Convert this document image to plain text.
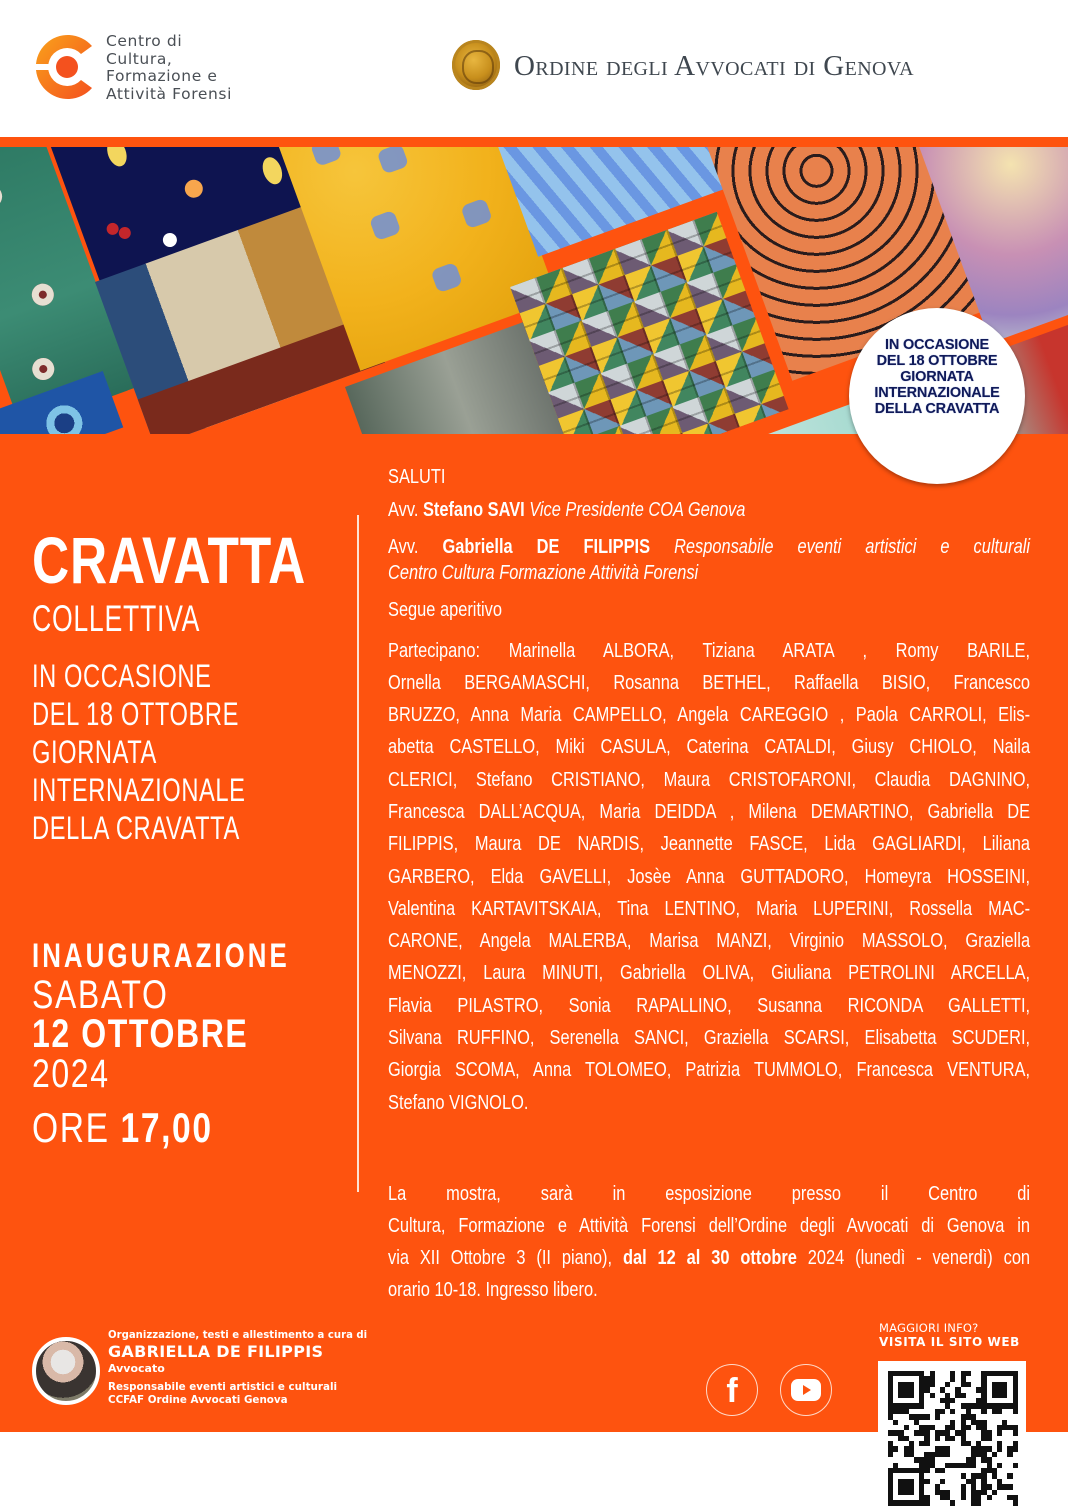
Centro di
Cultura,
Formazione e
Attività Forensi
Ordine degli Avvocati di Genova
IN OCCASIONE
DEL 18 OTTOBRE
GIORNATA
INTERNAZIONALE
DELLA CRAVATTA
CRAVATTA
COLLETTIVA
IN OCCASIONE
DEL 18 OTTOBRE
GIORNATA
INTERNAZIONALE
DELLA CRAVATTA
INAUGURAZIONE
SABATO
12 OTTOBRE
2024
ORE 17,00
SALUTI
Avv. Stefano SAVI Vice Presidente COA Genova
Avv. Gabriella DE FILIPPIS Responsabile eventi artistici e culturali
Centro Cultura Formazione Attività Forensi
Segue aperitivo
Partecipano: Marinella ALBORA, Tiziana ARATA , Romy BARILE,
Ornella BERGAMASCHI, Rosanna BETHEL, Raffaella BISIO, Francesco
BRUZZO, Anna Maria CAMPELLO, Angela CAREGGIO , Paola CARROLI, Elis-
abetta CASTELLO, Miki CASULA, Caterina CATALDI, Giusy CHIOLO, Naila
CLERICI, Stefano CRISTIANO, Maura CRISTOFARONI, Claudia DAGNINO,
Francesca DALL’ACQUA, Maria DEIDDA , Milena DEMARTINO, Gabriella DE
FILIPPIS, Maura DE NARDIS, Jeannette FASCE, Lida GAGLIARDI, Liliana
GARBERO, Elda GAVELLI, Josèe Anna GUTTADORO, Homeyra HOSSEINI,
Valentina KARTAVITSKAIA, Tina LENTINO, Maria LUPERINI, Rossella MAC-
CARONE, Angela MALERBA, Marisa MANZI, Virginio MASSOLO, Graziella
MENOZZI, Laura MINUTI, Gabriella OLIVA, Giuliana PETROLINI ARCELLA,
Flavia PILASTRO, Sonia RAPALLINO, Susanna RICONDA GALLETTI,
Silvana RUFFINO, Serenella SANCI, Graziella SCARSI, Elisabetta SCUDERI,
Giorgia SCOMA, Anna TOLOMEO, Patrizia TUMMOLO, Francesca VENTURA,
Stefano VIGNOLO.
La mostra, sarà in esposizione presso il Centro di
Cultura, Formazione e Attività Forensi dell’Ordine degli Avvocati di Genova in
via XII Ottobre 3 (II piano), dal 12 al 30 ottobre 2024 (lunedì - venerdì) con
orario 10-18. Ingresso libero.
Organizzazione, testi e allestimento a cura di
GABRIELLA DE FILIPPIS
Avvocato
Responsabile eventi artistici e culturali
CCFAF Ordine Avvocati Genova	f
MAGGIORI INFO?
VISITA IL SITO WEB
